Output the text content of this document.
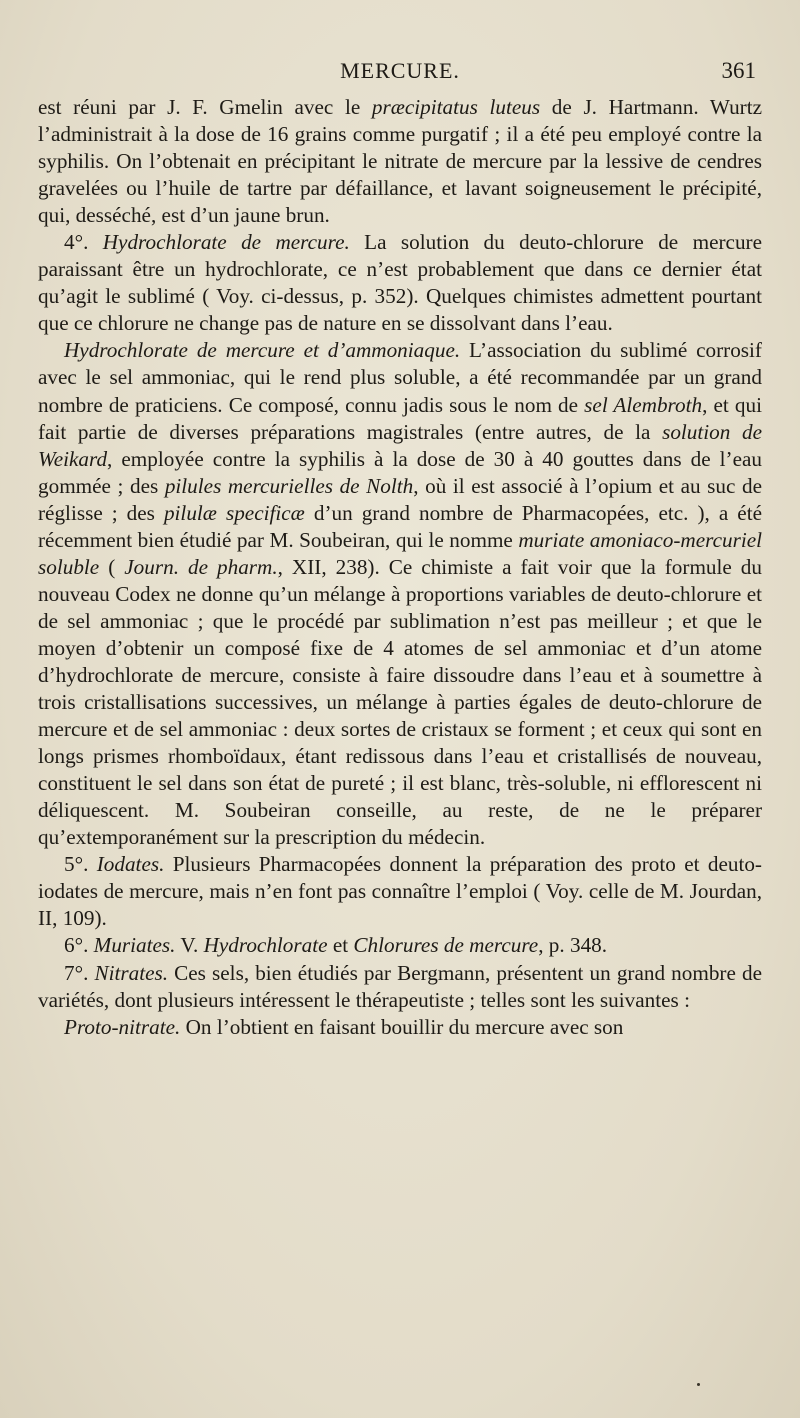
MERCURE.	361

est réuni par J. F. Gmelin avec le præcipitatus luteus de J. Hartmann. Wurtz l’administrait à la dose de 16 grains comme purgatif ; il a été peu employé contre la syphilis. On l’obtenait en précipitant le nitrate de mercure par la lessive de cendres gravelées ou l’huile de tartre par défaillance, et lavant soigneusement le précipité, qui, desséché, est d’un jaune brun.

4°. Hydrochlorate de mercure. La solution du deuto-chlorure de mercure paraissant être un hydrochlorate, ce n’est probablement que dans ce dernier état qu’agit le sublimé ( Voy. ci-dessus, p. 352). Quelques chimistes admettent pourtant que ce chlorure ne change pas de nature en se dissolvant dans l’eau.

Hydrochlorate de mercure et d’ammoniaque. L’association du sublimé corrosif avec le sel ammoniac, qui le rend plus soluble, a été recommandée par un grand nombre de praticiens. Ce composé, connu jadis sous le nom de sel Alembroth, et qui fait partie de diverses préparations magistrales (entre autres, de la solution de Weikard, employée contre la syphilis à la dose de 30 à 40 gouttes dans de l’eau gommée ; des pilules mercurielles de Nolth, où il est associé à l’opium et au suc de réglisse ; des pilulæ specificæ d’un grand nombre de Pharmacopées, etc. ), a été récemment bien étudié par M. Soubeiran, qui le nomme muriate amoniaco-mercuriel soluble ( Journ. de pharm., XII, 238). Ce chimiste a fait voir que la formule du nouveau Codex ne donne qu’un mélange à proportions variables de deuto-chlorure et de sel ammoniac ; que le procédé par sublimation n’est pas meilleur ; et que le moyen d’obtenir un composé fixe de 4 atomes de sel ammoniac et d’un atome d’hydrochlorate de mercure, consiste à faire dissoudre dans l’eau et à soumettre à trois cristallisations successives, un mélange à parties égales de deuto-chlorure de mercure et de sel ammoniac : deux sortes de cristaux se forment ; et ceux qui sont en longs prismes rhomboïdaux, étant redissous dans l’eau et cristallisés de nouveau, constituent le sel dans son état de pureté ; il est blanc, très-soluble, ni efflorescent ni déliquescent. M. Soubeiran conseille, au reste, de ne le préparer qu’extemporanément sur la prescription du médecin.

5°. Iodates. Plusieurs Pharmacopées donnent la préparation des proto et deuto-iodates de mercure, mais n’en font pas connaître l’emploi ( Voy. celle de M. Jourdan, II, 109).

6°. Muriates. V. Hydrochlorate et Chlorures de mercure, p. 348.

7°. Nitrates. Ces sels, bien étudiés par Bergmann, présentent un grand nombre de variétés, dont plusieurs intéressent le thérapeutiste ; telles sont les suivantes :

Proto-nitrate. On l’obtient en faisant bouillir du mercure avec son
